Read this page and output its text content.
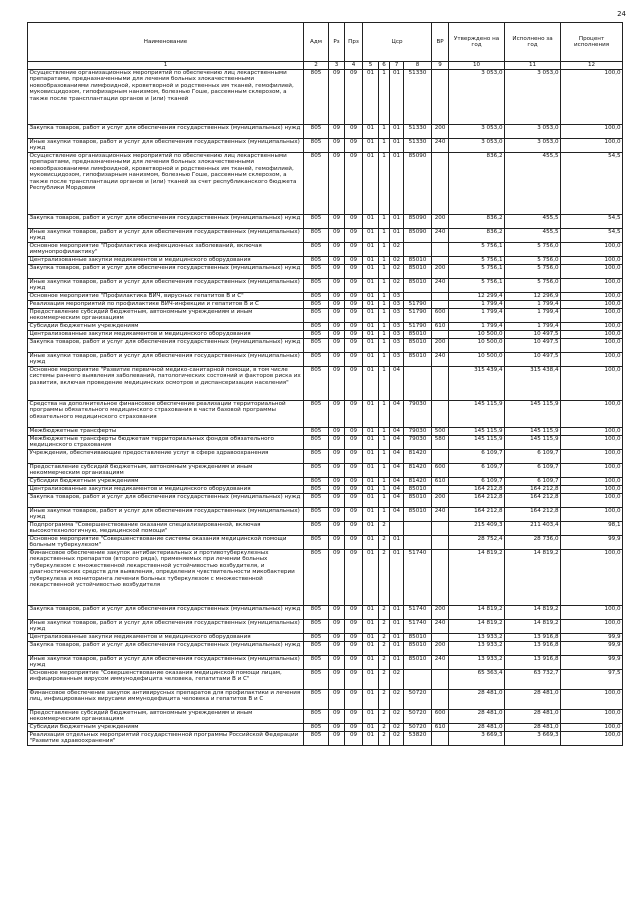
24
Наименование	Адм	Рз	Прз	Цср				ВР	Утверждено на год	Исполнено за год	Процент исполнения
1	2	3	4	5	6	7	8	9	10	11	12
Осуществление организационных мероприятий по обеспечению лиц лекарственными препаратами, предназначенными для лечения больных злокачественными новообразованиями лимфоидной, кроветворной и родственных им тканей, гемофилией, муковисцидозом, гипофизарным нанизмом, болезнью Гоше, рассеянным склерозом, а также после трансплантации органов и (или) тканей	805	09	09	01	1	01	51330		3 053,0	3 053,0	100,0
Закупка товаров, работ и услуг для обеспечения государственных (муниципальных) нужд	805	09	09	01	1	01	51330	200	3 053,0	3 053,0	100,0
Иные закупки товаров, работ и услуг для обеспечения государственных (муниципальных) нужд	805	09	09	01	1	01	51330	240	3 053,0	3 053,0	100,0
Осуществление организационных мероприятий по обеспечению лиц лекарственными препаратами, предназначенными для лечения больных злокачественными новообразованиями лимфоидной, кроветворной и родственных им тканей, гемофилией, муковисцидозом, гипофизарным нанизмом, болезнью Гоше, рассеянным склерозом, а также после трансплантации органов и (или) тканей за счет республиканского бюджета Республики Мордовия	805	09	09	01	1	01	85090		836,2	455,5	54,5
Закупка товаров, работ и услуг для обеспечения государственных (муниципальных) нужд	805	09	09	01	1	01	85090	200	836,2	455,5	54,5
Иные закупки товаров, работ и услуг для обеспечения государственных (муниципальных) нужд	805	09	09	01	1	01	85090	240	836,2	455,5	54,5
Основное мероприятие "Профилактика инфекционных заболеваний, включая иммунопрофилактику"	805	09	09	01	1	02			5 756,1	5 756,0	100,0
Централизованные закупки медикаментов и медицинского оборудования	805	09	09	01	1	02	85010		5 756,1	5 756,0	100,0
Закупка товаров, работ и услуг для обеспечения государственных (муниципальных) нужд	805	09	09	01	1	02	85010	200	5 756,1	5 756,0	100,0
Иные закупки товаров, работ и услуг для обеспечения государственных (муниципальных) нужд	805	09	09	01	1	02	85010	240	5 756,1	5 756,0	100,0
Основное мероприятие "Профилактика ВИЧ, вирусных гепатитов В и С"	805	09	09	01	1	03			12 299,4	12 296,9	100,0
Реализация мероприятий по профилактике ВИЧ-инфекции и гепатитов В и С	805	09	09	01	1	03	51790		1 799,4	1 799,4	100,0
Предоставление субсидий бюджетным, автономным учреждениям и иным некоммерческим организациям	805	09	09	01	1	03	51790	600	1 799,4	1 799,4	100,0
Субсидии бюджетным учреждениям	805	09	09	01	1	03	51790	610	1 799,4	1 799,4	100,0
Централизованные закупки медикаментов и медицинского оборудования	805	09	09	01	1	03	85010		10 500,0	10 497,5	100,0
Закупка товаров, работ и услуг для обеспечения государственных (муниципальных) нужд	805	09	09	01	1	03	85010	200	10 500,0	10 497,5	100,0
Иные закупки товаров, работ и услуг для обеспечения государственных (муниципальных) нужд	805	09	09	01	1	03	85010	240	10 500,0	10 497,5	100,0
Основное мероприятие "Развитие первичной медико-санитарной помощи, в том числе системы раннего выявления заболеваний, патологических состояний и факторов риска их развития, включая проведение медицинских осмотров и диспансеризации населения"	805	09	09	01	1	04			315 439,4	315 438,4	100,0
Средства на дополнительное финансовое обеспечение реализации территориальной программы обязательного медицинского страхования в части базовой программы обязательного медицинского страхования	805	09	09	01	1	04	79030		145 115,9	145 115,9	100,0
Межбюджетные трансферты	805	09	09	01	1	04	79030	500	145 115,9	145 115,9	100,0
Межбюджетные трансферты бюджетам территориальных фондов обязательного медицинского страхования	805	09	09	01	1	04	79030	580	145 115,9	145 115,9	100,0
Учреждения, обеспечивающие предоставление услуг в сфере здравоохранения	805	09	09	01	1	04	81420		6 109,7	6 109,7	100,0
Предоставление субсидий бюджетным, автономным учреждениям и иным некоммерческим организациям	805	09	09	01	1	04	81420	600	6 109,7	6 109,7	100,0
Субсидии бюджетным учреждениям	805	09	09	01	1	04	81420	610	6 109,7	6 109,7	100,0
Централизованные закупки медикаментов и медицинского оборудования	805	09	09	01	1	04	85010		164 212,8	164 212,8	100,0
Закупка товаров, работ и услуг для обеспечения государственных (муниципальных) нужд	805	09	09	01	1	04	85010	200	164 212,8	164 212,8	100,0
Иные закупки товаров, работ и услуг для обеспечения государственных (муниципальных) нужд	805	09	09	01	1	04	85010	240	164 212,8	164 212,8	100,0
Подпрограмма "Совершенствование оказания специализированной, включая высокотехнологичную, медицинской помощи"	805	09	09	01	2				215 409,3	211 403,4	98,1
Основное мероприятие "Совершенствование системы оказания медицинской помощи больным туберкулезом"	805	09	09	01	2	01			28 752,4	28 736,0	99,9
Финансовое обеспечение закупок антибактериальных и противотуберкулезных лекарственных препаратов (второго ряда), применяемых при лечении больных туберкулезом с множественной лекарственной устойчивостью возбудителя, и диагностических средств для выявления, определения чувствительности микобактерии туберкулеза и мониторинга лечения больных туберкулезом с множественной лекарственной устойчивостью возбудителя	805	09	09	01	2	01	51740		14 819,2	14 819,2	100,0
Закупка товаров, работ и услуг для обеспечения государственных (муниципальных) нужд	805	09	09	01	2	01	51740	200	14 819,2	14 819,2	100,0
Иные закупки товаров, работ и услуг для обеспечения государственных (муниципальных) нужд	805	09	09	01	2	01	51740	240	14 819,2	14 819,2	100,0
Централизованные закупки медикаментов и медицинского оборудования	805	09	09	01	2	01	85010		13 933,2	13 916,8	99,9
Закупка товаров, работ и услуг для обеспечения государственных (муниципальных) нужд	805	09	09	01	2	01	85010	200	13 933,2	13 916,8	99,9
Иные закупки товаров, работ и услуг для обеспечения государственных (муниципальных) нужд	805	09	09	01	2	01	85010	240	13 933,2	13 916,8	99,9
Основное мероприятие "Совершенствование оказания медицинской помощи лицам, инфицированным вирусом иммунодефицита человека, гепатитами В и С"	805	09	09	01	2	02			65 363,4	63 732,7	97,5
Финансовое обеспечение закупок антивирусных препаратов для профилактики и лечения лиц, инфицированных вирусами иммунодефицита человека и гепатитов В и С	805	09	09	01	2	02	50720		28 481,0	28 481,0	100,0
Предоставление субсидий бюджетным, автономным учреждениям и иным некоммерческим организациям	805	09	09	01	2	02	50720	600	28 481,0	28 481,0	100,0
Субсидии бюджетным учреждениям	805	09	09	01	2	02	50720	610	28 481,0	28 481,0	100,0
Реализация отдельных мероприятий государственной программы Российской Федерации "Развитие здравоохранения"	805	09	09	01	2	02	53820		3 669,3	3 669,3	100,0
